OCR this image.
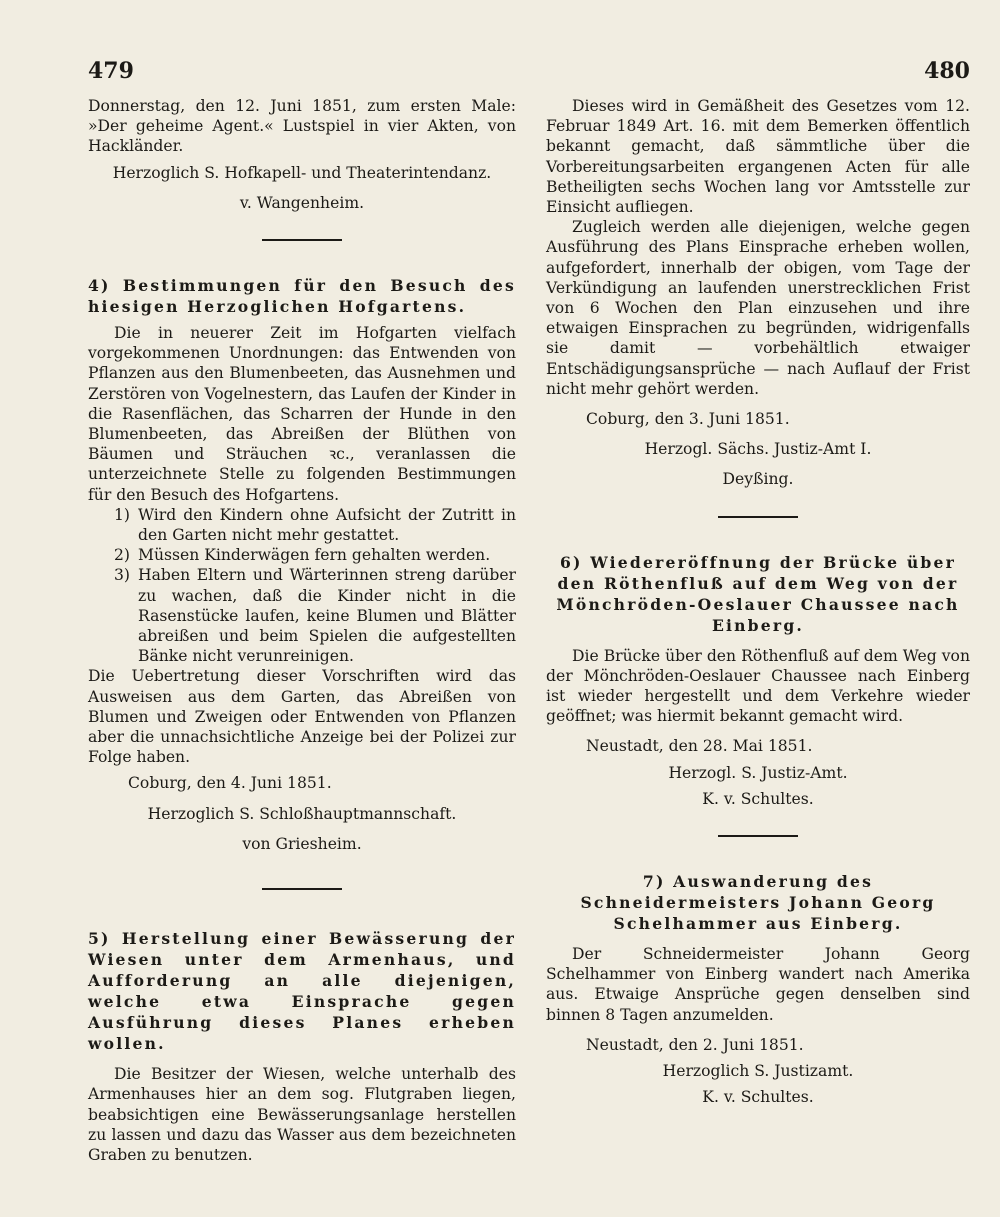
479	480

Donnerstag, den 12. Juni 1851, zum ersten Male: »Der geheime Agent.« Lustspiel in vier Akten, von Hackländer.

Herzoglich S. Hofkapell- und Theaterintendanz.

v. Wangenheim.

4) Bestimmungen für den Besuch des hiesigen Herzoglichen Hofgartens.

Die in neuerer Zeit im Hofgarten vielfach vorgekommenen Unordnungen: das Entwenden von Pflanzen aus den Blumenbeeten, das Ausnehmen und Zerstören von Vogelnestern, das Laufen der Kinder in die Rasenflächen, das Scharren der Hunde in den Blumenbeeten, das Abreißen der Blüthen von Bäumen und Sträuchen ꝛc., veranlassen die unterzeichnete Stelle zu folgenden Bestimmungen für den Besuch des Hofgartens.

1) Wird den Kindern ohne Aufsicht der Zutritt in den Garten nicht mehr gestattet.
2) Müssen Kinderwägen fern gehalten werden.
3) Haben Eltern und Wärterinnen streng darüber zu wachen, daß die Kinder nicht in die Rasenstücke laufen, keine Blumen und Blätter abreißen und beim Spielen die aufgestellten Bänke nicht verunreinigen.

Die Uebertretung dieser Vorschriften wird das Ausweisen aus dem Garten, das Abreißen von Blumen und Zweigen oder Entwenden von Pflanzen aber die unnachsichtliche Anzeige bei der Polizei zur Folge haben.

Coburg, den 4. Juni 1851.

Herzoglich S. Schloßhauptmannschaft.

von Griesheim.

5) Herstellung einer Bewässerung der Wiesen unter dem Armenhaus, und Aufforderung an alle diejenigen, welche etwa Einsprache gegen Ausführung dieses Planes erheben wollen.

Die Besitzer der Wiesen, welche unterhalb des Armenhauses hier an dem sog. Flutgraben liegen, beabsichtigen eine Bewässerungsanlage herstellen zu lassen und dazu das Wasser aus dem bezeichneten Graben zu benutzen.

Dieses wird in Gemäßheit des Gesetzes vom 12. Februar 1849 Art. 16. mit dem Bemerken öffentlich bekannt gemacht, daß sämmtliche über die Vorbereitungsarbeiten ergangenen Acten für alle Betheiligten sechs Wochen lang vor Amtsstelle zur Einsicht aufliegen.

Zugleich werden alle diejenigen, welche gegen Ausführung des Plans Einsprache erheben wollen, aufgefordert, innerhalb der obigen, vom Tage der Verkündigung an laufenden unerstrecklichen Frist von 6 Wochen den Plan einzusehen und ihre etwaigen Einsprachen zu begründen, widrigenfalls sie damit — vorbehältlich etwaiger Entschädigungsansprüche — nach Auflauf der Frist nicht mehr gehört werden.

Coburg, den 3. Juni 1851.

Herzogl. Sächs. Justiz-Amt I.

Deyßing.

6) Wiedereröffnung der Brücke über den Röthenfluß auf dem Weg von der Mönchröden-Oeslauer Chaussee nach Einberg.

Die Brücke über den Röthenfluß auf dem Weg von der Mönchröden-Oeslauer Chaussee nach Einberg ist wieder hergestellt und dem Verkehre wieder geöffnet; was hiermit bekannt gemacht wird.

Neustadt, den 28. Mai 1851.

Herzogl. S. Justiz-Amt.

K. v. Schultes.

7) Auswanderung des Schneidermeisters Johann Georg Schelhammer aus Einberg.

Der Schneidermeister Johann Georg Schelhammer von Einberg wandert nach Amerika aus. Etwaige Ansprüche gegen denselben sind binnen 8 Tagen anzumelden.

Neustadt, den 2. Juni 1851.

Herzoglich S. Justizamt.

K. v. Schultes.
